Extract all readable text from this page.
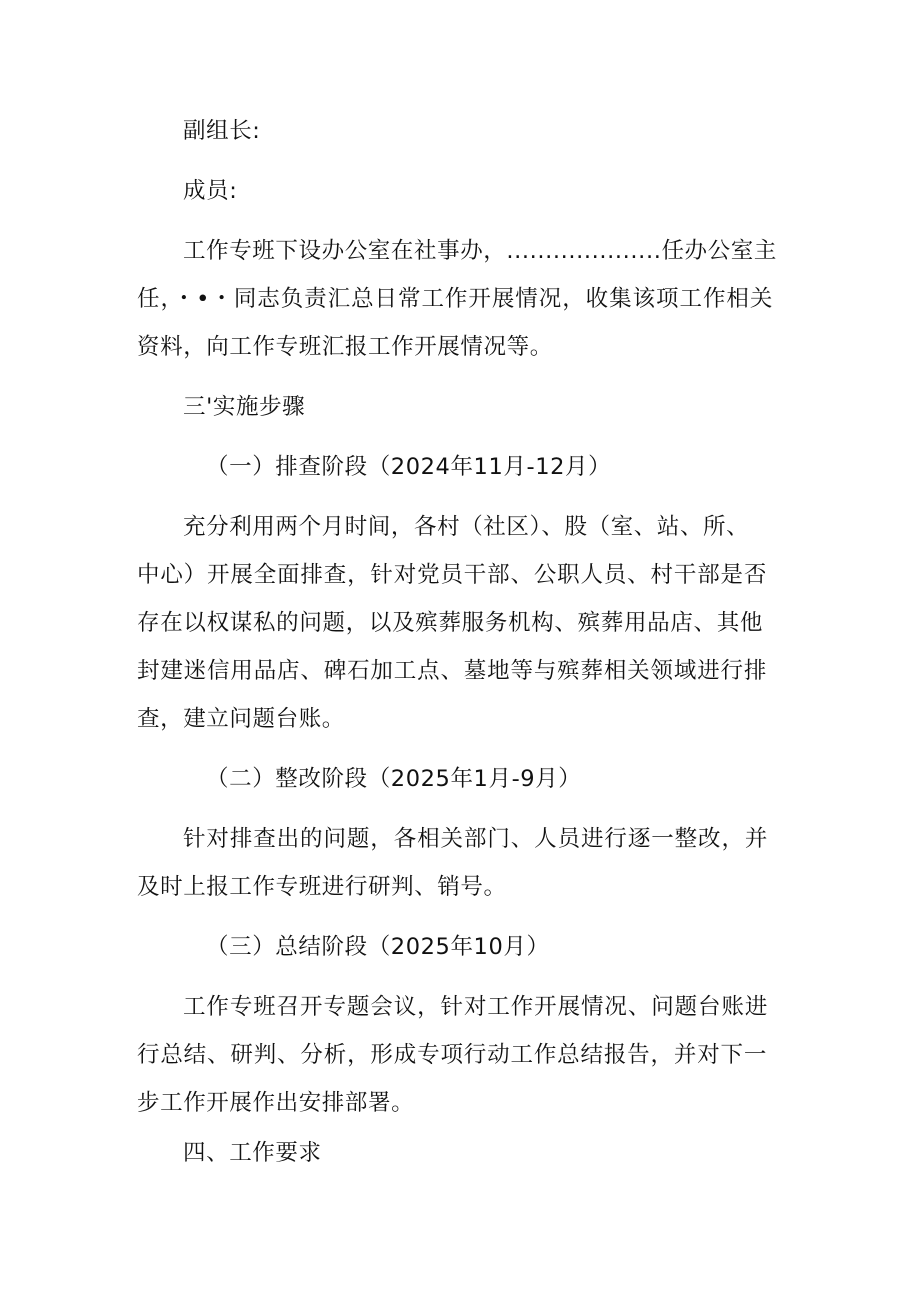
副组长:
成员:
工作专班下设办公室在社事办，....................任办公室主
任，・•・同志负责汇总日常工作开展情况，收集该项工作相关
资料，向工作专班汇报工作开展情况等。
三'实施步骤
（一）排查阶段（2024年11月-12月）
充分利用两个月时间，各村（社区）、股（室、站、所、
中心）开展全面排查，针对党员干部、公职人员、村干部是否
存在以权谋私的问题，以及殡葬服务机构、殡葬用品店、其他
封建迷信用品店、碑石加工点、墓地等与殡葬相关领域进行排
查，建立问题台账。
（二）整改阶段（2025年1月-9月）
针对排查出的问题，各相关部门、人员进行逐一整改，并
及时上报工作专班进行研判、销号。
（三）总结阶段（2025年10月）
工作专班召开专题会议，针对工作开展情况、问题台账进
行总结、研判、分析，形成专项行动工作总结报告，并对下一
步工作开展作出安排部署。
四、工作要求
